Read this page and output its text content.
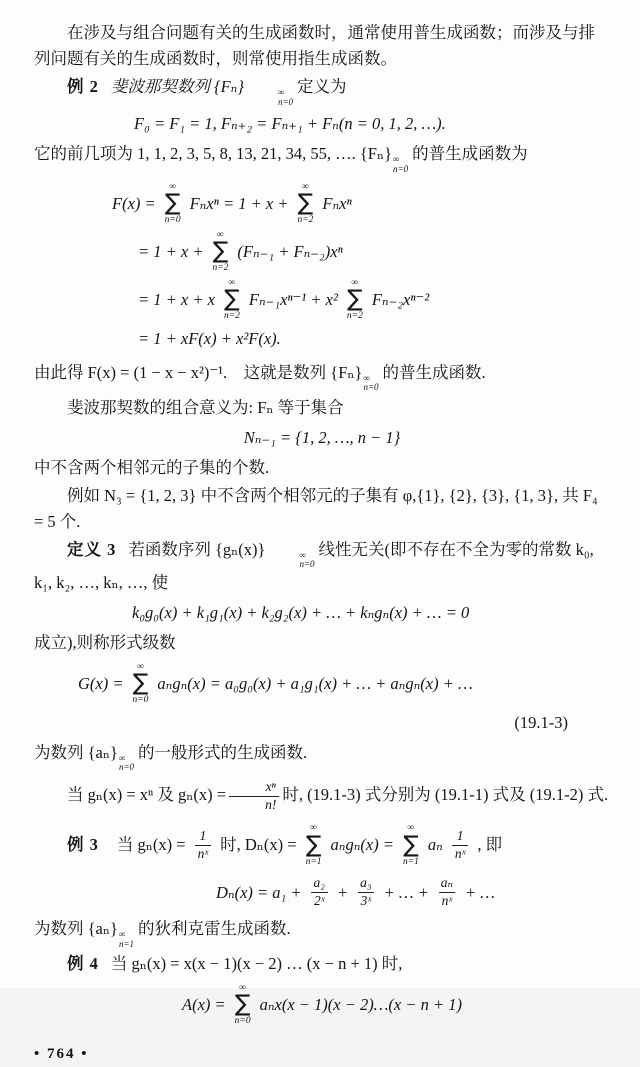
在涉及与组合问题有关的生成函数时，通常使用普生成函数；而涉及与排列问题有关的生成函数时，则常使用指生成函数。

例 2 斐波那契数列 {Fₙ}	∞
n=0
定义为

F₀ = F₁ = 1, Fₙ₊₂ = Fₙ₊₁ + Fₙ(n = 0, 1, 2, …).

它的前几项为 1, 1, 2, 3, 5, 8, 13, 21, 34, 55, …. {Fₙ} ∞
n=0
的普生成函数为

F(x) =
∞
∑
n=0
Fₙxⁿ = 1 + x +
∞
∑
n=2
Fₙxⁿ
= 1 + x +
∞
∑
n=2
(Fₙ₋₁ + Fₙ₋₂)xⁿ
= 1 + x + x
∞
∑
n=2
Fₙ₋₁xⁿ⁻¹ + x²
∞
∑
n=2
Fₙ₋₂xⁿ⁻²
= 1 + xF(x) + x²F(x).

由此得 F(x) = (1 − x − x²)⁻¹.　这就是数列 {Fₙ} ∞
n=0
的普生成函数.

斐波那契数的组合意义为: Fₙ 等于集合

Nₙ₋₁ = {1, 2, …, n − 1}

中不含两个相邻元的子集的个数.

例如 N₃ = {1, 2, 3} 中不含两个相邻元的子集有 φ,{1}, {2}, {3}, {1, 3}, 共 F₄ = 5 个.

定义 3 若函数序列 {gₙ(x)}	∞
n=0
线性无关(即不存在不全为零的常数 k₀, k₁, k₂, …, kₙ, …, 使

k₀g₀(x) + k₁g₁(x) + k₂g₂(x) + … + kₙgₙ(x) + … = 0

成立),则称形式级数

G(x) =
∞
∑
n=0
aₙgₙ(x) = a₀g₀(x) + a₁g₁(x) + … + aₙgₙ(x) + …
(19.1-3)

为数列 {aₙ} ∞
n=0
的一般形式的生成函数.

当 gₙ(x) = xⁿ 及 $g_n(x) = \frac{\text{xⁿ}}{n!}$ 时, (19.1-3) 式分别为 (19.1-1) 式及 (19.1-2) 式.

例 3 当 $g_n(x) = \frac{1}{\text{nˣ}}$ 时, Dₙ(x) =
∞
∑
n=1
aₙgₙ(x) =
∞
∑
n=1
aₙ $\frac{1}{\text{nˣ}}$ , 即
$D_n(x) = a_1 + \frac{\text{a₂}}{\text{2ˣ}} + \frac{\text{a₃}}{\text{3ˣ}}$ + … + $\frac{\text{aₙ}}{\text{nˣ}}$ + …

为数列 {aₙ} ∞
n=1
的狄利克雷生成函数.

例 4 当 gₙ(x) = x(x − 1)(x − 2) … (x − n + 1) 时,

A(x) =
∞
∑
n=0
aₙx(x − 1)(x − 2)…(x − n + 1)
• 764 •
